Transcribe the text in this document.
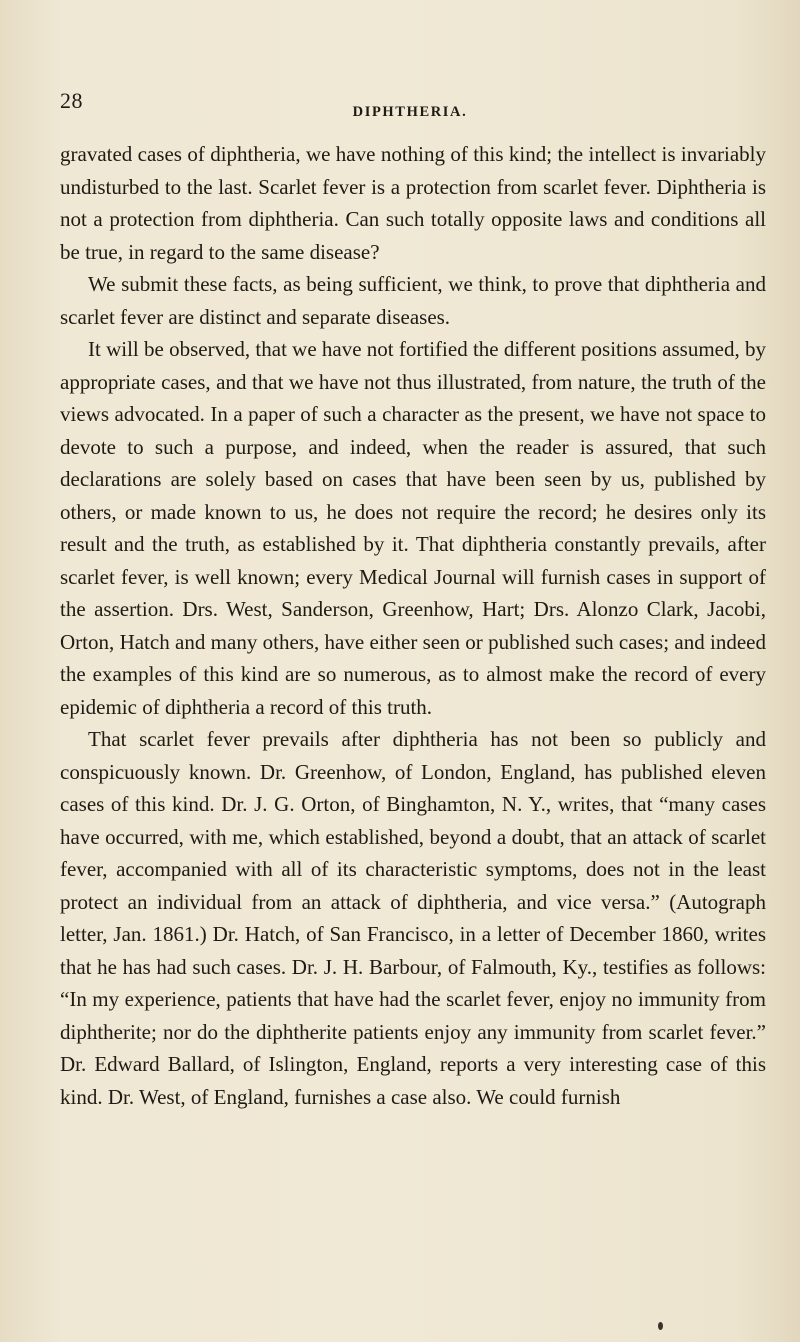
28	DIPHTHERIA.

gravated cases of diphtheria, we have nothing of this kind; the intellect is invariably undisturbed to the last. Scarlet fever is a protection from scarlet fever. Diphtheria is not a protection from diphtheria. Can such totally opposite laws and conditions all be true, in regard to the same disease?

We submit these facts, as being sufficient, we think, to prove that diphtheria and scarlet fever are distinct and separate diseases.

It will be observed, that we have not fortified the different positions assumed, by appropriate cases, and that we have not thus illustrated, from nature, the truth of the views advocated. In a paper of such a character as the present, we have not space to devote to such a purpose, and indeed, when the reader is assured, that such declarations are solely based on cases that have been seen by us, published by others, or made known to us, he does not require the record; he desires only its result and the truth, as established by it. That diphtheria constantly prevails, after scarlet fever, is well known; every Medical Journal will furnish cases in support of the assertion. Drs. West, Sanderson, Greenhow, Hart; Drs. Alonzo Clark, Jacobi, Orton, Hatch and many others, have either seen or published such cases; and indeed the examples of this kind are so numerous, as to almost make the record of every epidemic of diphtheria a record of this truth.

That scarlet fever prevails after diphtheria has not been so publicly and conspicuously known. Dr. Greenhow, of London, England, has published eleven cases of this kind. Dr. J. G. Orton, of Binghamton, N. Y., writes, that “many cases have occurred, with me, which established, beyond a doubt, that an attack of scarlet fever, accompanied with all of its characteristic symptoms, does not in the least protect an individual from an attack of diphtheria, and vice versa.” (Autograph letter, Jan. 1861.) Dr. Hatch, of San Francisco, in a letter of December 1860, writes that he has had such cases. Dr. J. H. Barbour, of Falmouth, Ky., testifies as follows: “In my experience, patients that have had the scarlet fever, enjoy no immunity from diphtherite; nor do the diphtherite patients enjoy any immunity from scarlet fever.” Dr. Edward Ballard, of Islington, England, reports a very interesting case of this kind. Dr. West, of England, furnishes a case also. We could furnish
